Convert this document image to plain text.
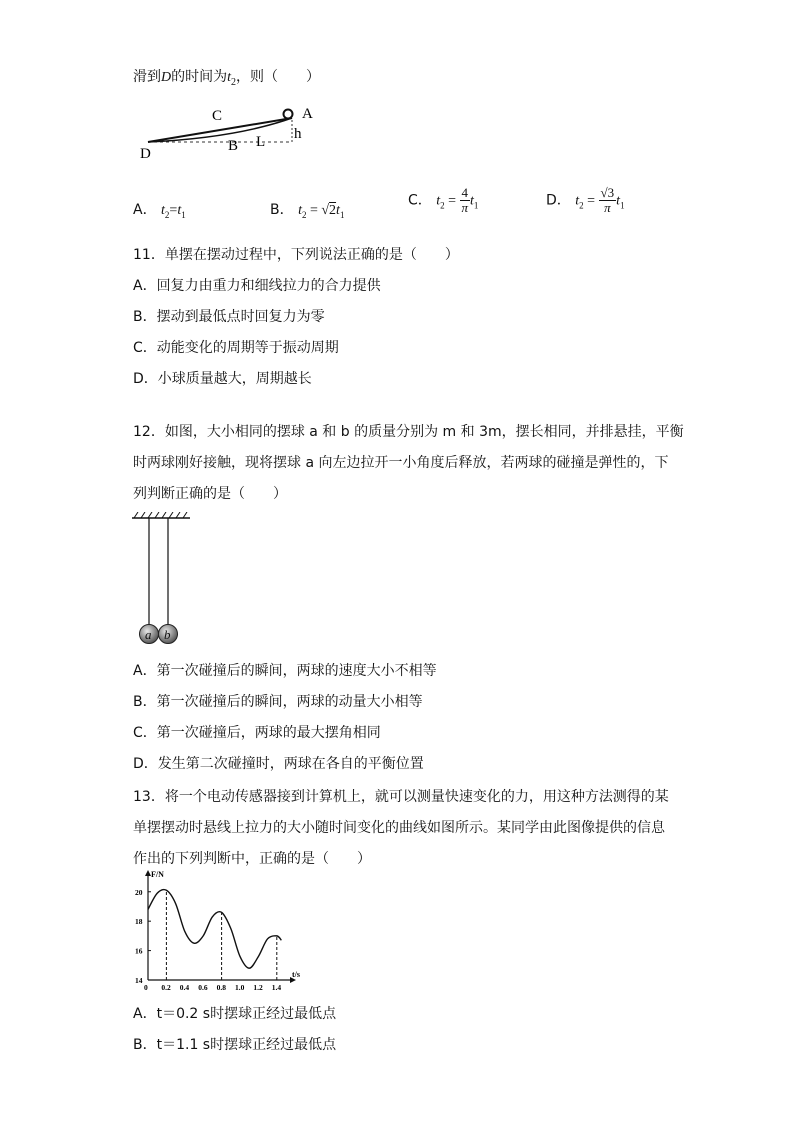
滑到D的时间为$t_2$，则（　　）
C	A
h
D	B L
A． $t_2=t_1$	B． $t_2 = √2t_1$
C． $t_2 = \frac{4}{\pi} t_1$	D． $t_2 = \frac{√3}{\pi} t_1$
11．单摆在摆动过程中，下列说法正确的是（　　）
A．回复力由重力和细线拉力的合力提供
B．摆动到最低点时回复力为零
C．动能变化的周期等于振动周期
D．小球质量越大，周期越长
12．如图，大小相同的摆球 a 和 b 的质量分别为 m 和 3m，摆长相同，并排悬挂，平衡
时两球刚好接触，现将摆球 a 向左边拉开一小角度后释放，若两球的碰撞是弹性的，下
列判断正确的是（　　）
a b
A．第一次碰撞后的瞬间，两球的速度大小不相等
B．第一次碰撞后的瞬间，两球的动量大小相等
C．第一次碰撞后，两球的最大摆角相同
D．发生第二次碰撞时，两球在各自的平衡位置
13．将一个电动传感器接到计算机上，就可以测量快速变化的力，用这种方法测得的某
单摆摆动时悬线上拉力的大小随时间变化的曲线如图所示。某同学由此图像提供的信息
作出的下列判断中，正确的是（　　）
F/N
t/s
0 0.2 0.4 0.6 0.8 1.0 1.2 1.4
14
16
18
20
A．t＝0.2 s时摆球正经过最低点
B．t＝1.1 s时摆球正经过最低点
